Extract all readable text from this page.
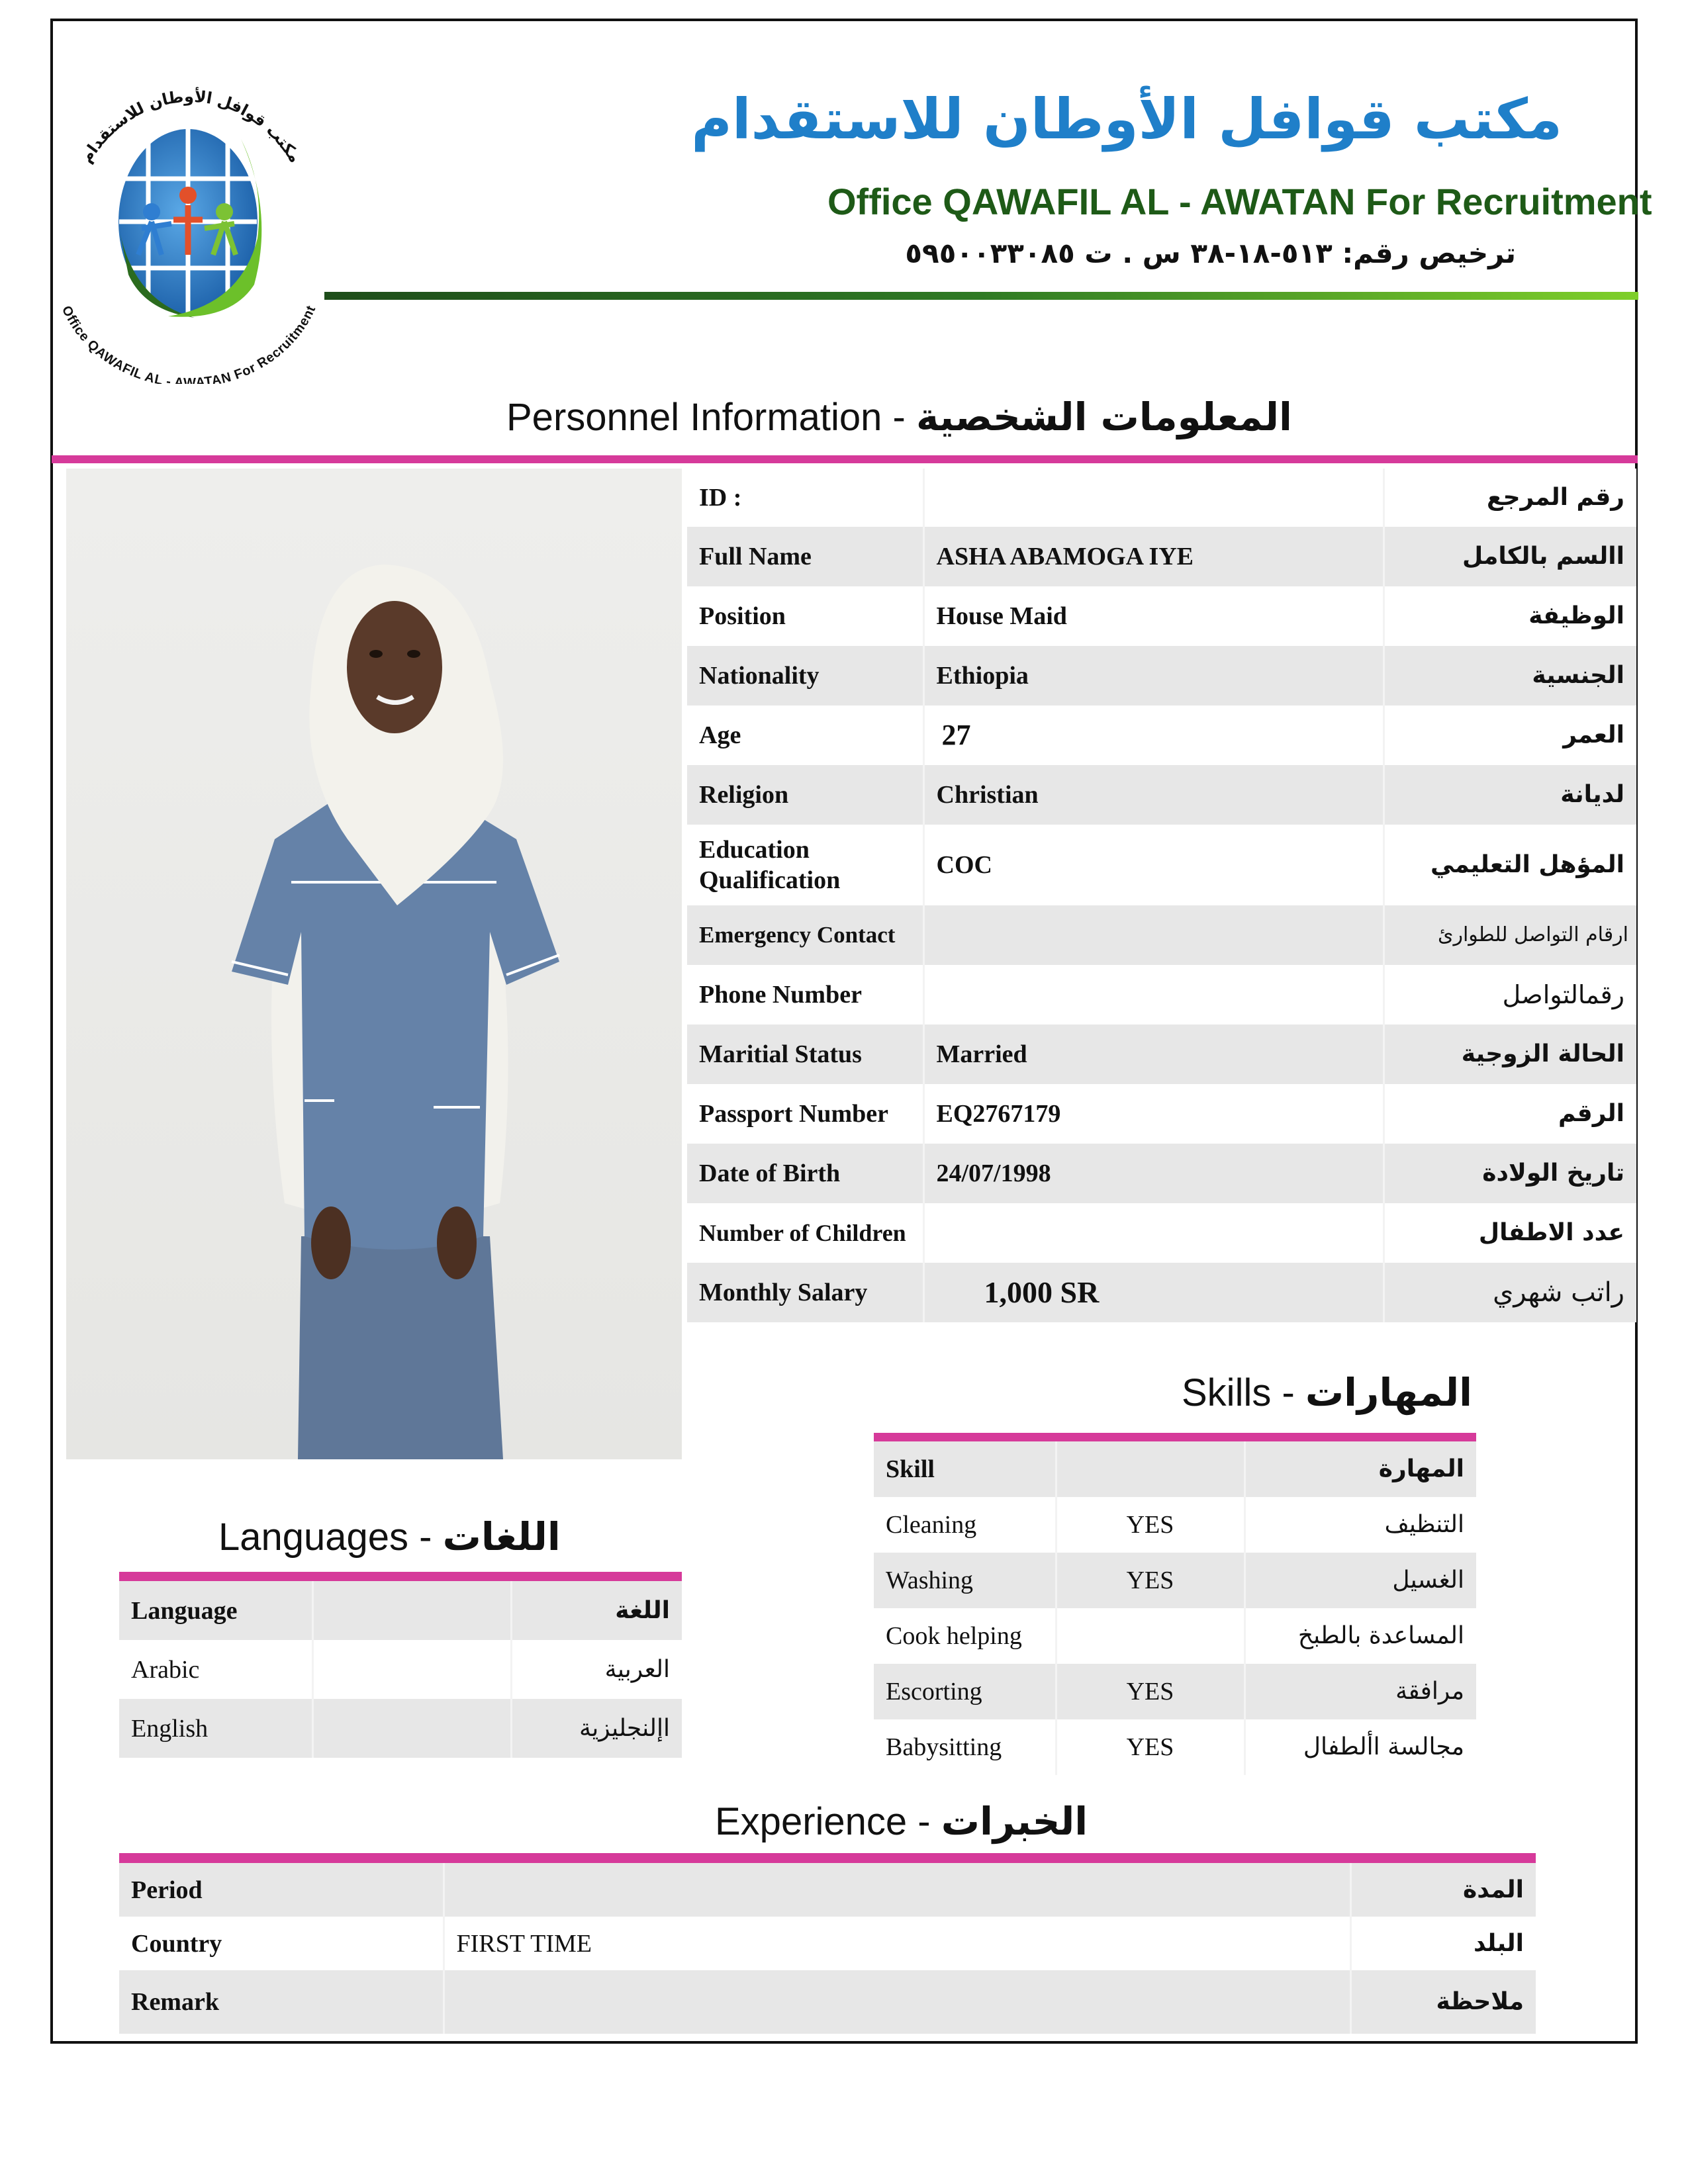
مكتب قوافل الأوطان للاستقدام
Office QAWAFIL AL - AWATAN For Recruitment
مكتب قوافل الأوطان للاستقدام
Office QAWAFIL AL - AWATAN For Recruitment
ترخيص رقم: ٥١٣-١٨-٣٨ س . ت ٥٩٥٠٠٣٣٠٨٥
Personnel Information - المعلومات الشخصية
ID :		رقم المرجع
Full Name	ASHA ABAMOGA IYE	االسم بالكامل
Position	House Maid	الوظيفة
Nationality	Ethiopia	الجنسية
Age	27	العمر
Religion	Christian	لديانة
Education Qualification	COC	المؤهل التعليمي
Emergency Contact		ارقام التواصل للطوارئ
Phone Number		رقمالتواصل
Maritial Status	Married	الحالة الزوجية
Passport Number	EQ2767179	الرقم
Date of Birth	24/07/1998	تاريخ الولادة
Number of Children		عدد الاطفال
Monthly Salary	1,000 SR	راتب شهري
Skills - المهارات
Skill		المهارة
Cleaning	YES	التنظيف
Washing	YES	الغسيل
Cook helping		المساعدة بالطبخ
Escorting	YES	مرافقة
Babysitting	YES	مجالسة األطفال
Languages - اللغات
Language		اللغة
Arabic		العربية
English		اإلنجليزية
Experience - الخبرات
Period		المدة
Country	FIRST TIME	البلد
Remark		ملاحظة
